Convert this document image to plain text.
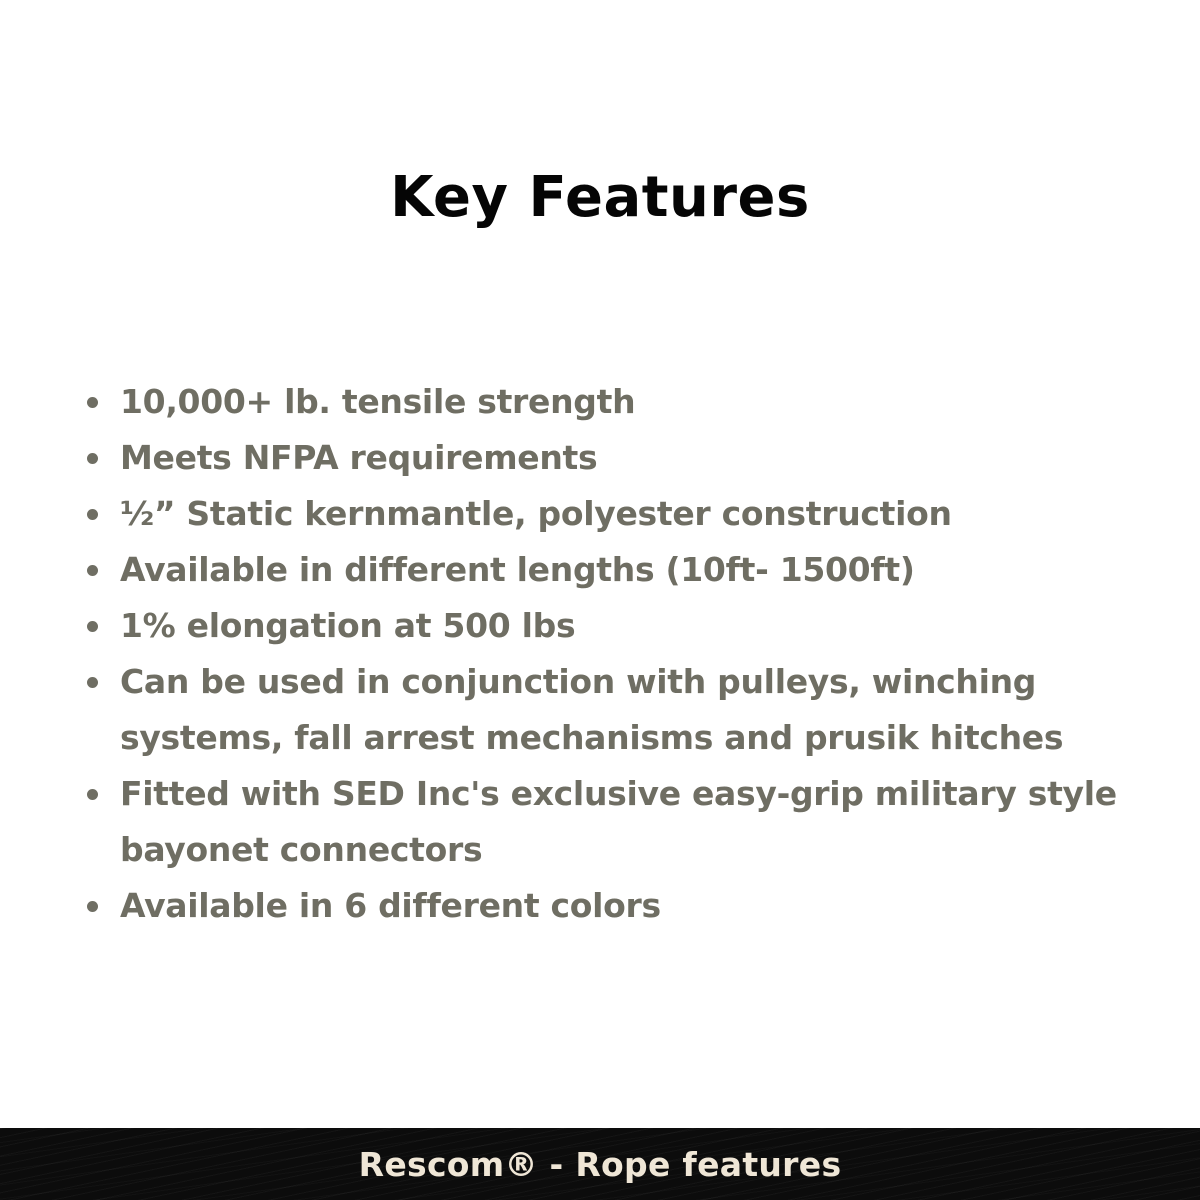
Key Features
10,000+ lb. tensile strength
Meets NFPA requirements
½” Static kernmantle, polyester construction
Available in different lengths (10ft- 1500ft)
1% elongation at 500 lbs
Can be used in conjunction with pulleys, winching systems, fall arrest mechanisms and prusik hitches
Fitted with SED Inc's exclusive easy-grip military style bayonet connectors
Available in 6 different colors
Rescom® - Rope features
